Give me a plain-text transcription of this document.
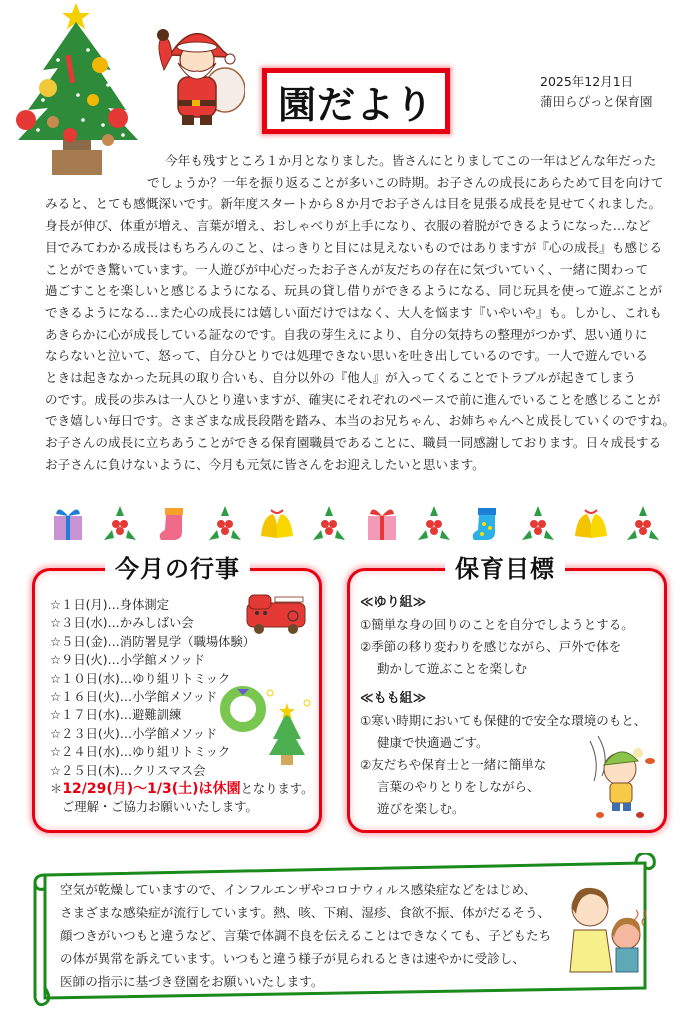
園だより
2025年12月1日
蒲田らぴっと保育園
今年も残すところ１か月となりました。皆さんにとりましてこの一年はどんな年だった
でしょうか？一年を振り返ることが多いこの時期。お子さんの成長にあらためて目を向けて
みると、とても感慨深いです。新年度スタートから８か月でお子さんは目を見張る成長を見せてくれました。
身長が伸び、体重が増え、言葉が増え、おしゃべりが上手になり、衣服の着脱ができるようになった…など
目でみてわかる成長はもちろんのこと、はっきりと目には見えないものではありますが『心の成長』も感じる
ことができ驚いています。一人遊びが中心だったお子さんが友だちの存在に気づいていく、一緒に関わって
過ごすことを楽しいと感じるようになる、玩具の貸し借りができるようになる、同じ玩具を使って遊ぶことが
できるようになる…また心の成長には嬉しい面だけではなく、大人を悩ます『いやいや』も。しかし、これも
あきらかに心が成長している証なのです。自我の芽生えにより、自分の気持ちの整理がつかず、思い通りに
ならないと泣いて、怒って、自分ひとりでは処理できない思いを吐き出しているのです。一人で遊んでいる
ときは起きなかった玩具の取り合いも、自分以外の『他人』が入ってくることでトラブルが起きてしまう
のです。成長の歩みは一人ひとり違いますが、確実にそれぞれのペースで前に進んでいることを感じることが
でき嬉しい毎日です。さまざまな成長段階を踏み、本当のお兄ちゃん、お姉ちゃんへと成長していくのですね。
お子さんの成長に立ちあうことができる保育園職員であることに、職員一同感謝しております。日々成長する
お子さんに負けないように、今月も元気に皆さんをお迎えしたいと思います。
今月の行事
☆１日(月)…身体測定
☆３日(水)…かみしばい会
☆５日(金)…消防署見学（職場体験）
☆９日(火)…小学館メソッド
☆１０日(水)…ゆり組リトミック
☆１６日(火)…小学館メソッド
☆１７日(水)…避難訓練
☆２３日(火)…小学館メソッド
☆２４日(水)…ゆり組リトミック
☆２５日(木)…クリスマス会
＊12/29(月)～1/3(土)は休園となります。
ご理解・ご協力お願いいたします。
保育目標
≪ゆり組≫
①簡単な身の回りのことを自分でしようとする。
②季節の移り変わりを感じながら、戸外で体を
動かして遊ぶことを楽しむ
≪もも組≫
①寒い時期においても保健的で安全な環境のもと、
健康で快適過ごす。
②友だちや保育士と一緒に簡単な
言葉のやりとりをしながら、
遊びを楽しむ。
空気が乾燥していますので、インフルエンザやコロナウィルス感染症などをはじめ、
さまざまな感染症が流行しています。熱、咳、下痢、湿疹、食欲不振、体がだるそう、
顔つきがいつもと違うなど、言葉で体調不良を伝えることはできなくても、子どもたち
の体が異常を訴えています。いつもと違う様子が見られるときは速やかに受診し、
医師の指示に基づき登園をお願いいたします。
